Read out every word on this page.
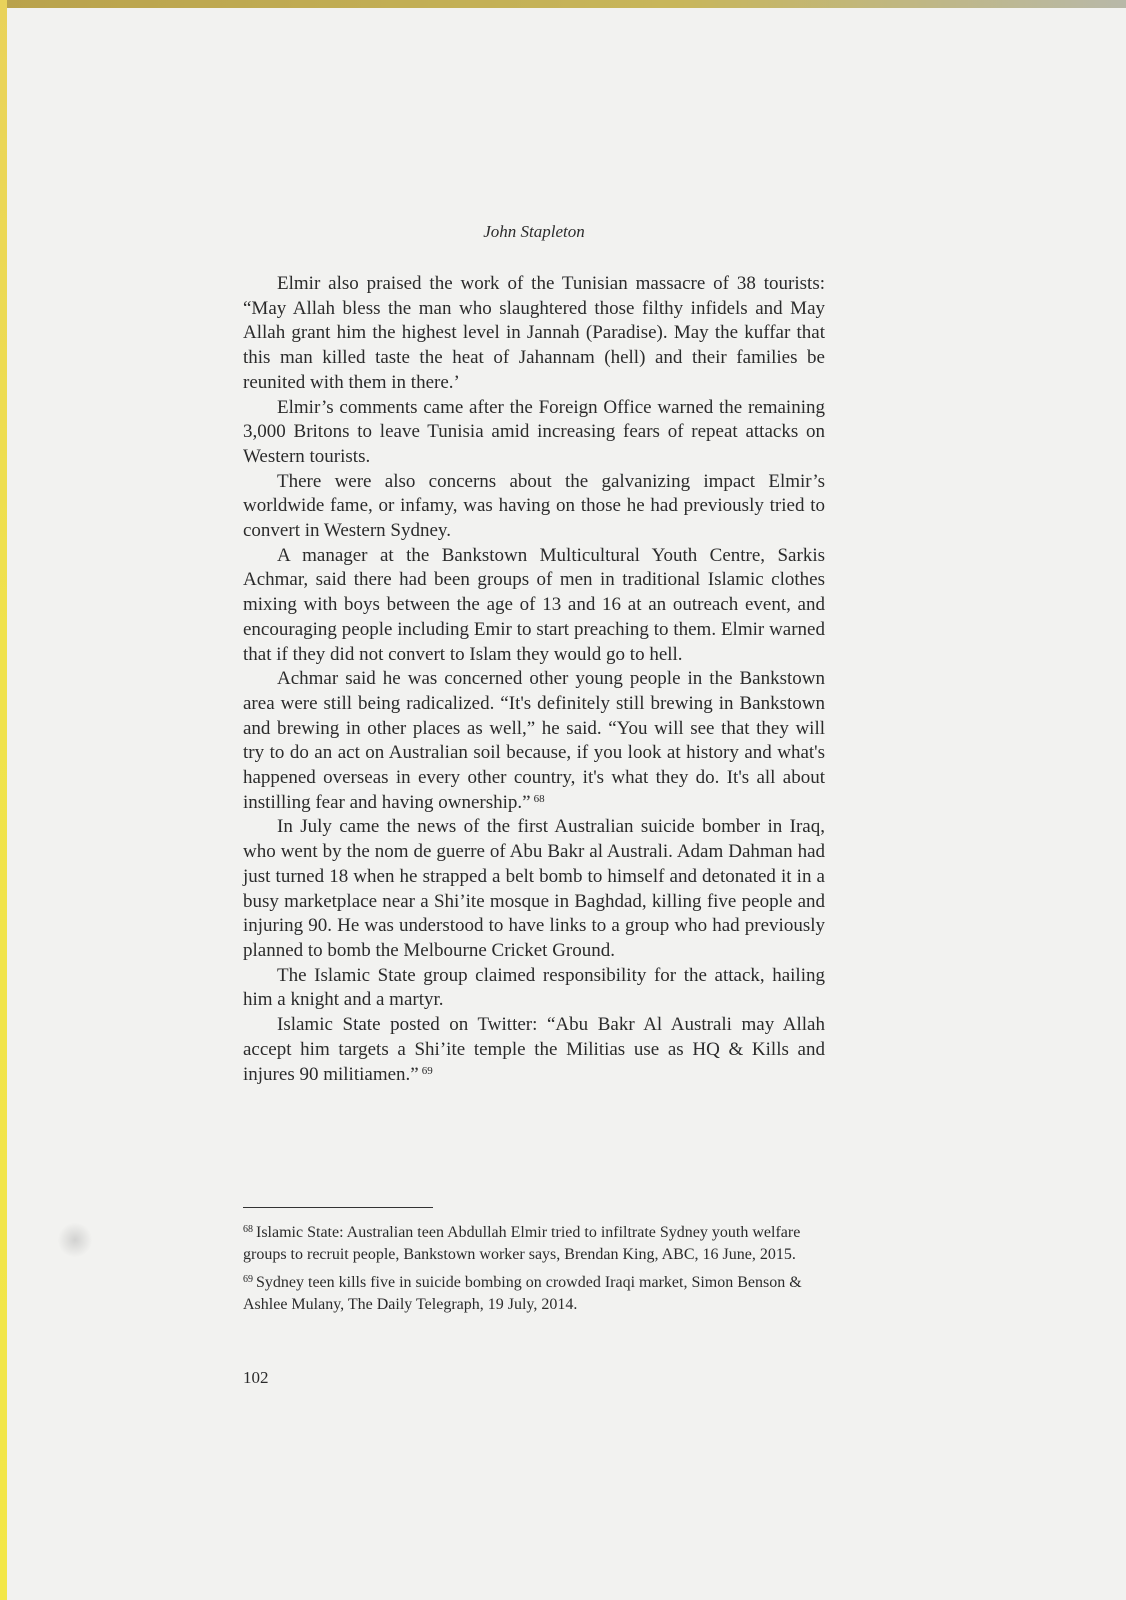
John Stapleton

Elmir also praised the work of the Tunisian massacre of 38 tourists: “May Allah bless the man who slaughtered those filthy infidels and May Allah grant him the highest level in Jannah (Paradise). May the kuffar that this man killed taste the heat of Jahannam (hell) and their families be reunited with them in there.’

Elmir’s comments came after the Foreign Office warned the remaining 3,000 Britons to leave Tunisia amid increasing fears of repeat attacks on Western tourists.

There were also concerns about the galvanizing impact Elmir’s worldwide fame, or infamy, was having on those he had previously tried to convert in Western Sydney.

A manager at the Bankstown Multicultural Youth Centre, Sarkis Achmar, said there had been groups of men in traditional Islamic clothes mixing with boys between the age of 13 and 16 at an outreach event, and encouraging people including Emir to start preaching to them. Elmir warned that if they did not convert to Islam they would go to hell.

Achmar said he was concerned other young people in the Bankstown area were still being radicalized. “It's definitely still brewing in Bankstown and brewing in other places as well,” he said. “You will see that they will try to do an act on Australian soil because, if you look at history and what's happened overseas in every other country, it's what they do. It's all about instilling fear and having ownership.” $^{68}$

In July came the news of the first Australian suicide bomber in Iraq, who went by the nom de guerre of Abu Bakr al Australi. Adam Dahman had just turned 18 when he strapped a belt bomb to himself and detonated it in a busy marketplace near a Shi’ite mosque in Baghdad, killing five people and injuring 90. He was understood to have links to a group who had previously planned to bomb the Melbourne Cricket Ground.

The Islamic State group claimed responsibility for the attack, hailing him a knight and a martyr.

Islamic State posted on Twitter: “Abu Bakr Al Australi may Allah accept him targets a Shi’ite temple the Militias use as HQ & Kills and injures 90 militiamen.” $^{69}$

$^{68}$ Islamic State: Australian teen Abdullah Elmir tried to infiltrate Sydney youth welfare groups to recruit people, Bankstown worker says, Brendan King, ABC, 16 June, 2015.

$^{69}$ Sydney teen kills five in suicide bombing on crowded Iraqi market, Simon Benson & Ashlee Mulany, The Daily Telegraph, 19 July, 2014.

102
